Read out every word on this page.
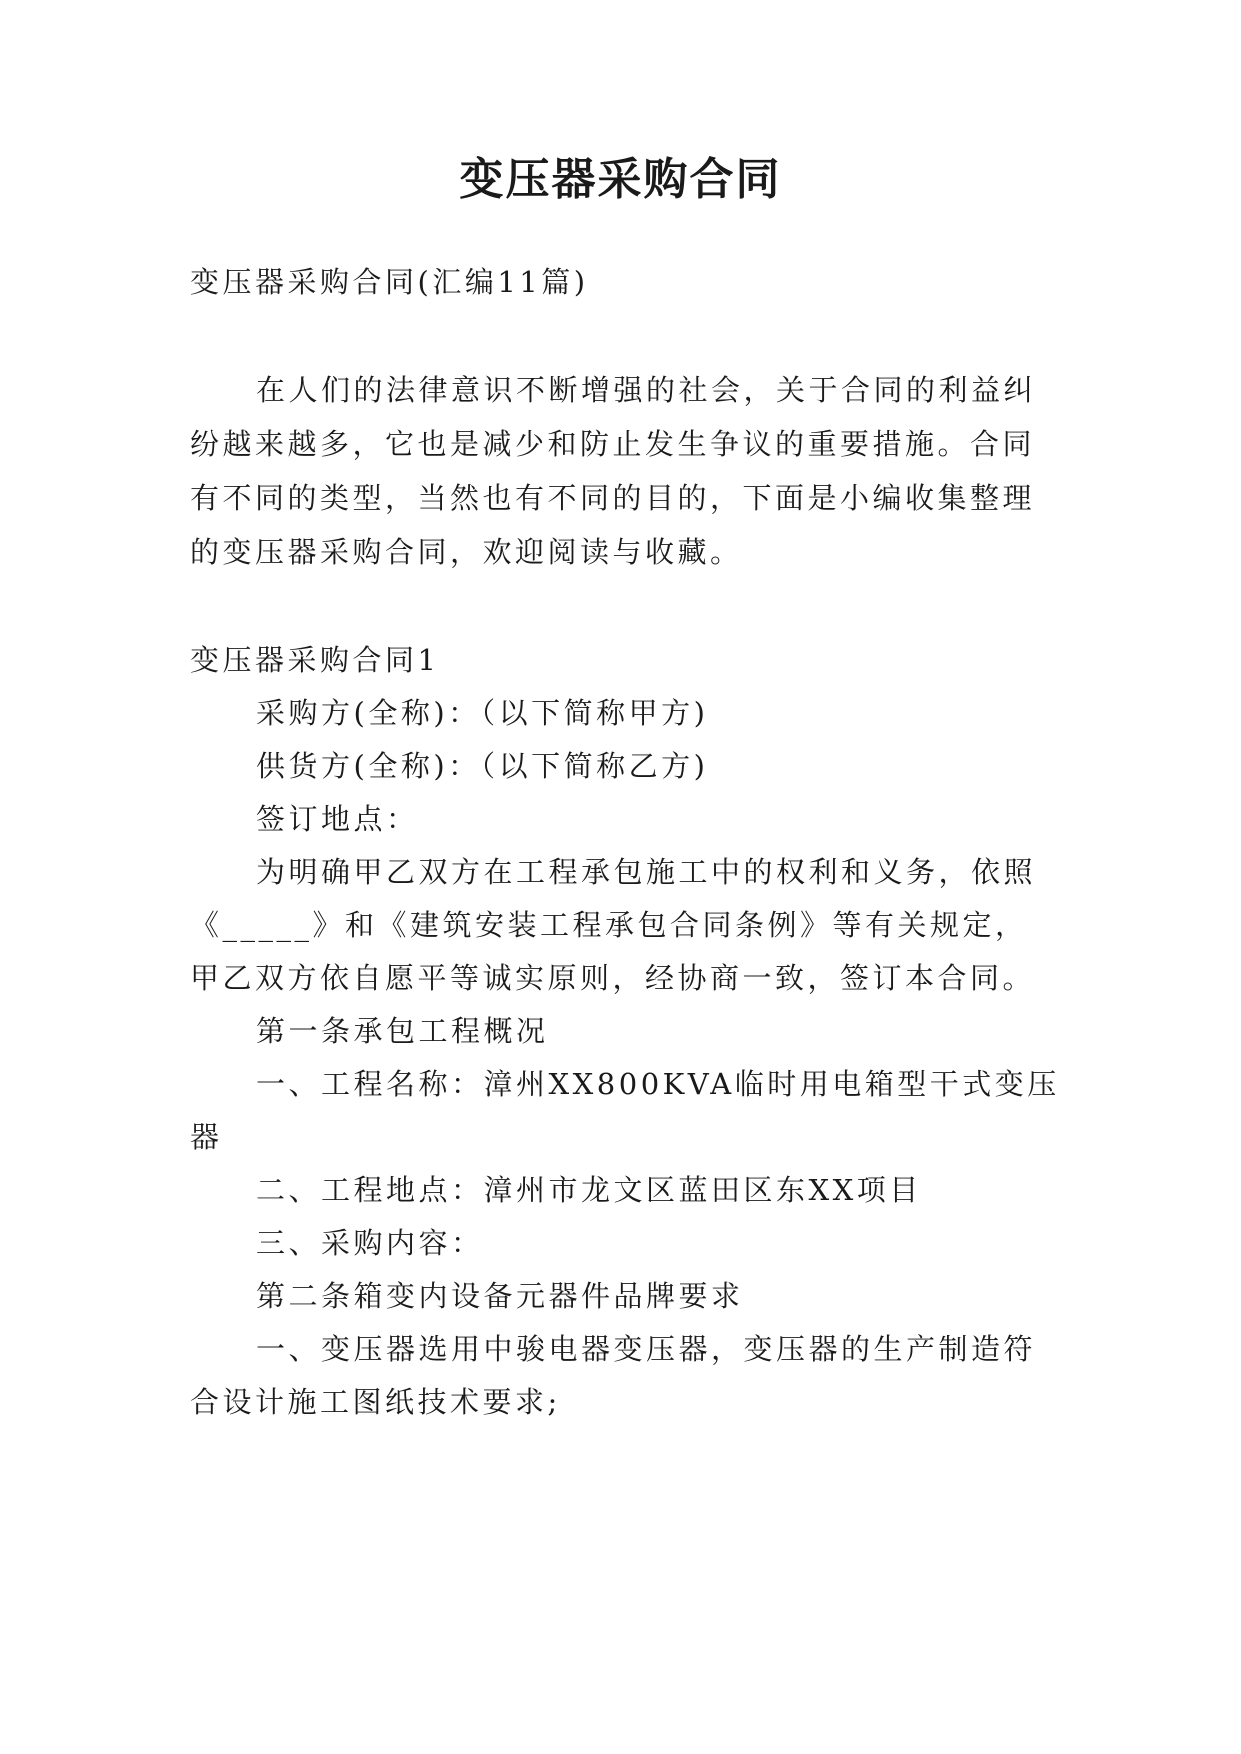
变压器采购合同
变压器采购合同(汇编11篇)
在人们的法律意识不断增强的社会，关于合同的利益纠
纷越来越多，它也是减少和防止发生争议的重要措施。合同
有不同的类型，当然也有不同的目的，下面是小编收集整理
的变压器采购合同，欢迎阅读与收藏。
变压器采购合同1
采购方(全称)：（以下简称甲方)
供货方(全称)：（以下简称乙方)
签订地点：
为明确甲乙双方在工程承包施工中的权利和义务，依照
《_____》和《建筑安装工程承包合同条例》等有关规定，
甲乙双方依自愿平等诚实原则，经协商一致，签订本合同。
第一条承包工程概况
一、工程名称：漳州XX800KVA临时用电箱型干式变压
器
二、工程地点：漳州市龙文区蓝田区东XX项目
三、采购内容：
第二条箱变内设备元器件品牌要求
一、变压器选用中骏电器变压器，变压器的生产制造符
合设计施工图纸技术要求;
